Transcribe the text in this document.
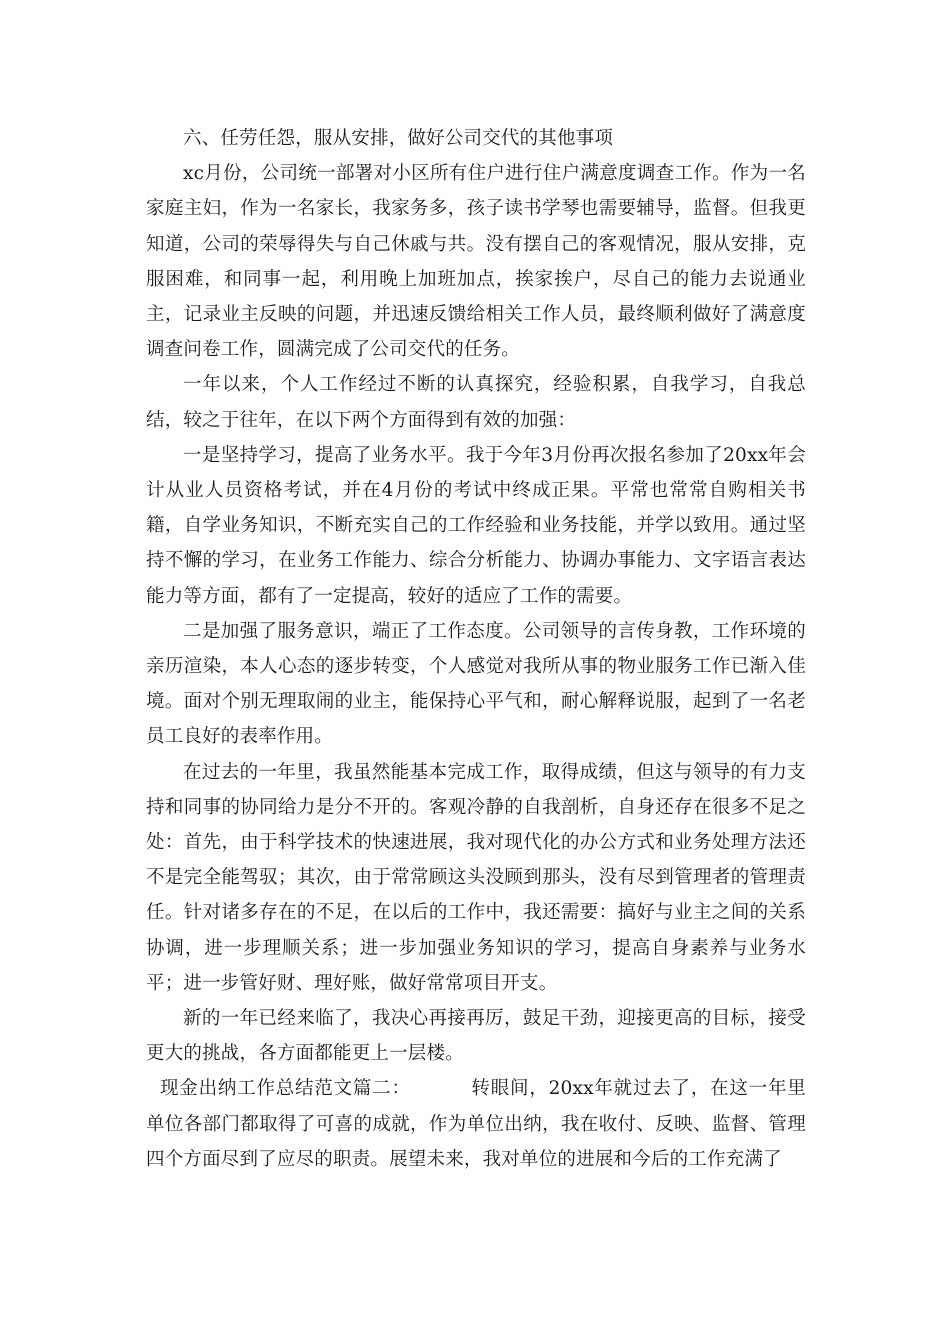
六、任劳任怨，服从安排，做好公司交代的其他事项

xc月份，公司统一部署对小区所有住户进行住户满意度调查工作。作为一名家庭主妇，作为一名家长，我家务多，孩子读书学琴也需要辅导，监督。但我更知道，公司的荣辱得失与自己休戚与共。没有摆自己的客观情况，服从安排，克服困难，和同事一起，利用晚上加班加点，挨家挨户，尽自己的能力去说通业主，记录业主反映的问题，并迅速反馈给相关工作人员，最终顺利做好了满意度调查问卷工作，圆满完成了公司交代的任务。

一年以来，个人工作经过不断的认真探究，经验积累，自我学习，自我总结，较之于往年，在以下两个方面得到有效的加强：

一是坚持学习，提高了业务水平。我于今年3月份再次报名参加了20xx年会计从业人员资格考试，并在4月份的考试中终成正果。平常也常常自购相关书籍，自学业务知识，不断充实自己的工作经验和业务技能，并学以致用。通过坚持不懈的学习，在业务工作能力、综合分析能力、协调办事能力、文字语言表达能力等方面，都有了一定提高，较好的适应了工作的需要。

二是加强了服务意识，端正了工作态度。公司领导的言传身教，工作环境的亲历渲染，本人心态的逐步转变，个人感觉对我所从事的物业服务工作已渐入佳境。面对个别无理取闹的业主，能保持心平气和，耐心解释说服，起到了一名老员工良好的表率作用。

在过去的一年里，我虽然能基本完成工作，取得成绩，但这与领导的有力支持和同事的协同给力是分不开的。客观冷静的自我剖析，自身还存在很多不足之处：首先，由于科学技术的快速进展，我对现代化的办公方式和业务处理方法还不是完全能驾驭；其次，由于常常顾这头没顾到那头，没有尽到管理者的管理责任。针对诸多存在的不足，在以后的工作中，我还需要：搞好与业主之间的关系协调，进一步理顺关系；进一步加强业务知识的学习，提高自身素养与业务水平；进一步管好财、理好账，做好常常项目开支。

新的一年已经来临了，我决心再接再厉，鼓足干劲，迎接更高的目标，接受更大的挑战，各方面都能更上一层楼。

现金出纳工作总结范文篇二：	转眼间，20xx年就过去了，在这一年里单位各部门都取得了可喜的成就，作为单位出纳，我在收付、反映、监督、管理四个方面尽到了应尽的职责。展望未来，我对单位的进展和今后的工作充满了
